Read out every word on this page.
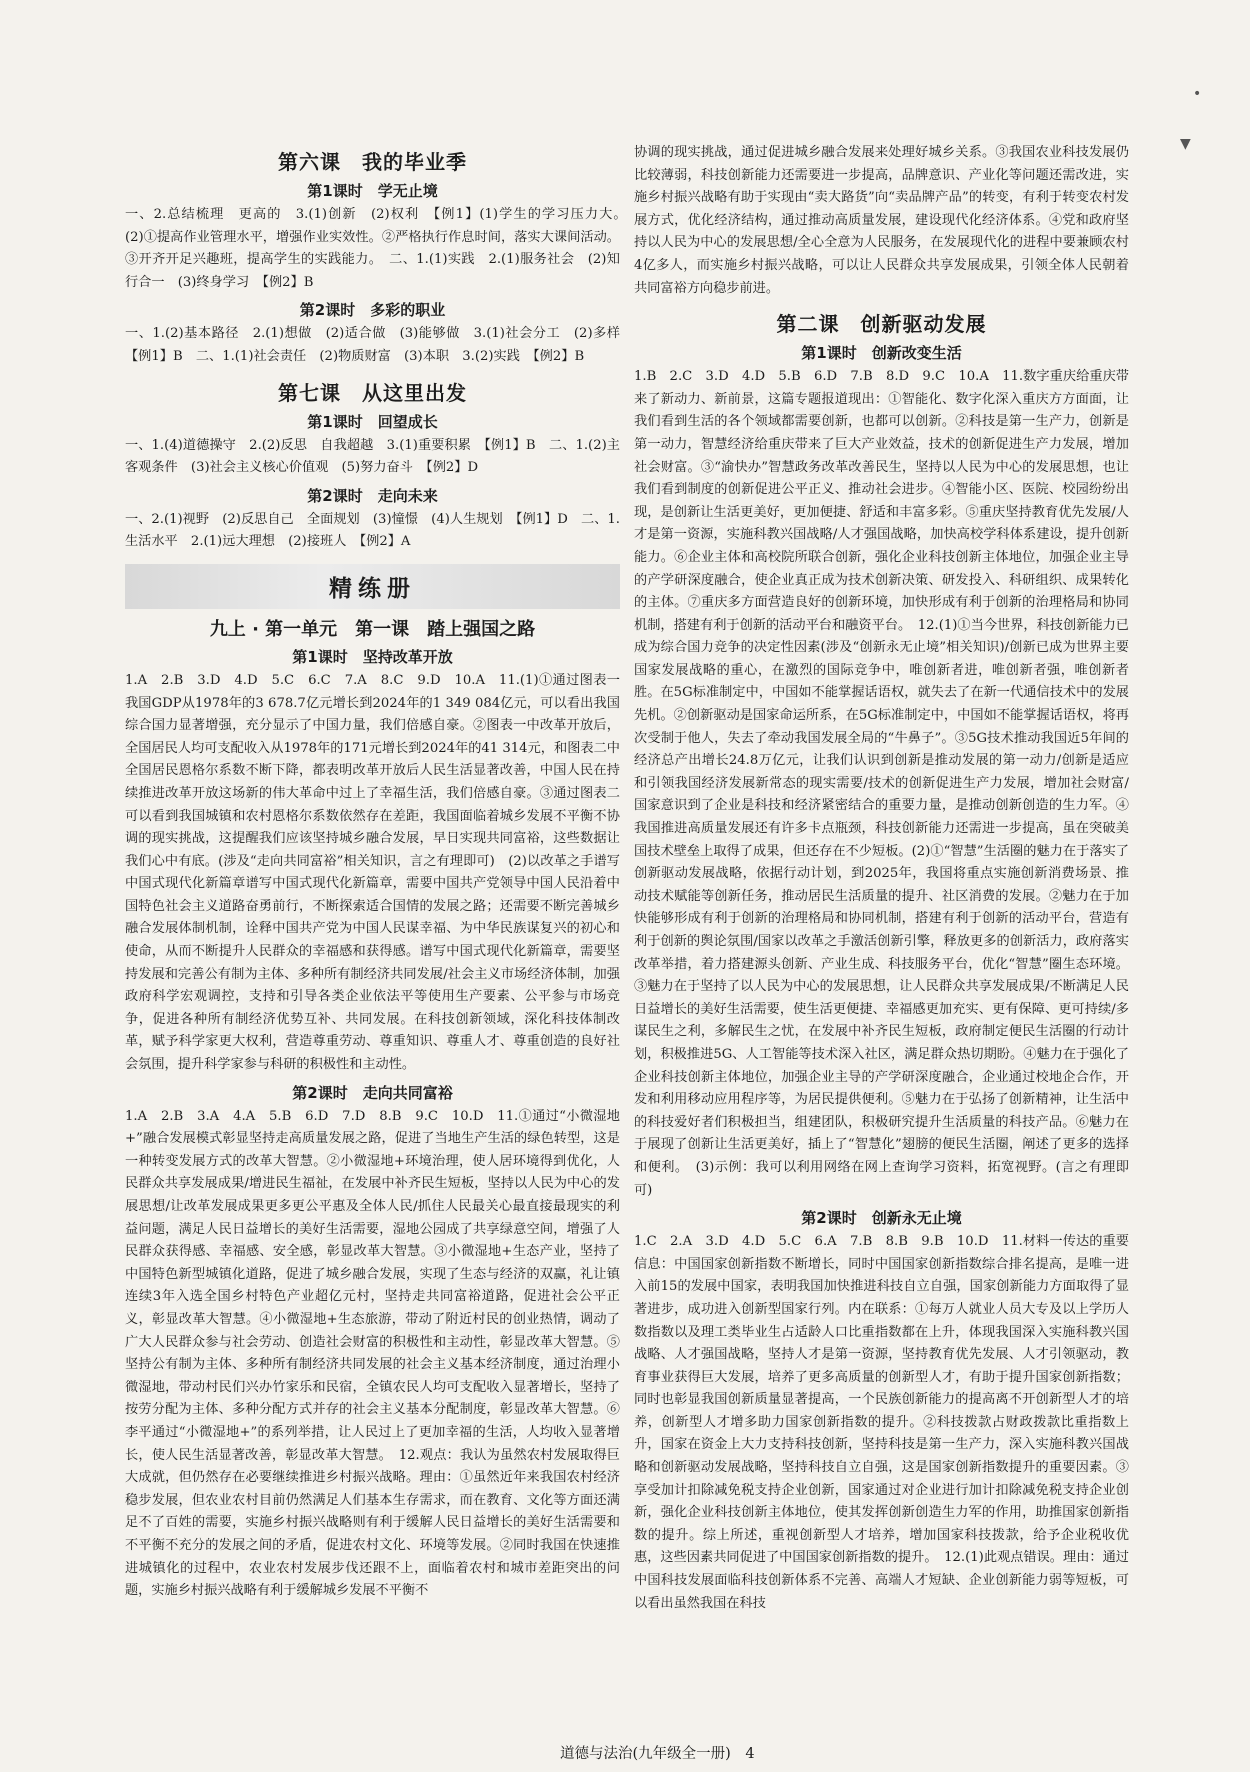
•
▼
第六课　我的毕业季
第1课时　学无止境

一、2.总结梳理　更高的　3.(1)创新　(2)权利　【例1】(1)学生的学习压力大。　(2)①提高作业管理水平，增强作业实效性。②严格执行作息时间，落实大课间活动。③开齐开足兴趣班，提高学生的实践能力。　二、1.(1)实践　2.(1)服务社会　(2)知行合一　(3)终身学习　【例2】B

第2课时　多彩的职业

一、1.(2)基本路径　2.(1)想做　(2)适合做　(3)能够做　3.(1)社会分工　(2)多样　【例1】B　二、1.(1)社会责任　(2)物质财富　(3)本职　3.(2)实践　【例2】B

第七课　从这里出发
第1课时　回望成长

一、1.(4)道德操守　2.(2)反思　自我超越　3.(1)重要积累　【例1】B　二、1.(2)主客观条件　(3)社会主义核心价值观　(5)努力奋斗　【例2】D

第2课时　走向未来

一、2.(1)视野　(2)反思自己　全面规划　(3)憧憬　(4)人生规划　【例1】D　二、1.生活水平　2.(1)远大理想　(2)接班人　【例2】A

精练册
九上 · 第一单元　第一课　踏上强国之路
第1课时　坚持改革开放

1.A　2.B　3.D　4.D　5.C　6.C　7.A　8.C　9.D　10.A　11.(1)①通过图表一我国GDP从1978年的3 678.7亿元增长到2024年的1 349 084亿元，可以看出我国综合国力显著增强，充分显示了中国力量，我们倍感自豪。②图表一中改革开放后，全国居民人均可支配收入从1978年的171元增长到2024年的41 314元，和图表二中全国居民恩格尔系数不断下降，都表明改革开放后人民生活显著改善，中国人民在持续推进改革开放这场新的伟大革命中过上了幸福生活，我们倍感自豪。③通过图表二可以看到我国城镇和农村恩格尔系数依然存在差距，我国面临着城乡发展不平衡不协调的现实挑战，这提醒我们应该坚持城乡融合发展，早日实现共同富裕，这些数据让我们心中有底。(涉及“走向共同富裕”相关知识，言之有理即可)　(2)以改革之手谱写中国式现代化新篇章谱写中国式现代化新篇章，需要中国共产党领导中国人民沿着中国特色社会主义道路奋勇前行，不断探索适合国情的发展之路；还需要不断完善城乡融合发展体制机制，诠释中国共产党为中国人民谋幸福、为中华民族谋复兴的初心和使命，从而不断提升人民群众的幸福感和获得感。谱写中国式现代化新篇章，需要坚持发展和完善公有制为主体、多种所有制经济共同发展/社会主义市场经济体制，加强政府科学宏观调控，支持和引导各类企业依法平等使用生产要素、公平参与市场竞争，促进各种所有制经济优势互补、共同发展。在科技创新领域，深化科技体制改革，赋予科学家更大权利，营造尊重劳动、尊重知识、尊重人才、尊重创造的良好社会氛围，提升科学家参与科研的积极性和主动性。

第2课时　走向共同富裕

1.A　2.B　3.A　4.A　5.B　6.D　7.D　8.B　9.C　10.D　11.①通过“小微湿地+”融合发展模式彰显坚持走高质量发展之路，促进了当地生产生活的绿色转型，这是一种转变发展方式的改革大智慧。②小微湿地+环境治理，使人居环境得到优化，人民群众共享发展成果/增进民生福祉，在发展中补齐民生短板，坚持以人民为中心的发展思想/让改革发展成果更多更公平惠及全体人民/抓住人民最关心最直接最现实的利益问题，满足人民日益增长的美好生活需要，湿地公园成了共享绿意空间，增强了人民群众获得感、幸福感、安全感，彰显改革大智慧。③小微湿地+生态产业，坚持了中国特色新型城镇化道路，促进了城乡融合发展，实现了生态与经济的双赢，礼让镇连续3年入选全国乡村特色产业超亿元村，坚持走共同富裕道路，促进社会公平正义，彰显改革大智慧。④小微湿地+生态旅游，带动了附近村民的创业热情，调动了广大人民群众参与社会劳动、创造社会财富的积极性和主动性，彰显改革大智慧。⑤坚持公有制为主体、多种所有制经济共同发展的社会主义基本经济制度，通过治理小微湿地，带动村民们兴办竹家乐和民宿，全镇农民人均可支配收入显著增长，坚持了按劳分配为主体、多种分配方式并存的社会主义基本分配制度，彰显改革大智慧。⑥李平通过“小微湿地+”的系列举措，让人民过上了更加幸福的生活，人均收入显著增长，使人民生活显著改善，彰显改革大智慧。　12.观点：我认为虽然农村发展取得巨大成就，但仍然存在必要继续推进乡村振兴战略。理由：①虽然近年来我国农村经济稳步发展，但农业农村目前仍然满足人们基本生存需求，而在教育、文化等方面还满足不了百姓的需要，实施乡村振兴战略则有利于缓解人民日益增长的美好生活需要和不平衡不充分的发展之间的矛盾，促进农村文化、环境等发展。②同时我国在快速推进城镇化的过程中，农业农村发展步伐还跟不上，面临着农村和城市差距突出的问题，实施乡村振兴战略有利于缓解城乡发展不平衡不

协调的现实挑战，通过促进城乡融合发展来处理好城乡关系。③我国农业科技发展仍比较薄弱，科技创新能力还需要进一步提高，品牌意识、产业化等问题还需改进，实施乡村振兴战略有助于实现由“卖大路货”向“卖品牌产品”的转变，有利于转变农村发展方式，优化经济结构，通过推动高质量发展，建设现代化经济体系。④党和政府坚持以人民为中心的发展思想/全心全意为人民服务，在发展现代化的进程中要兼顾农村4亿多人，而实施乡村振兴战略，可以让人民群众共享发展成果，引领全体人民朝着共同富裕方向稳步前进。

第二课　创新驱动发展
第1课时　创新改变生活

1.B　2.C　3.D　4.D　5.B　6.D　7.B　8.D　9.C　10.A　11.数字重庆给重庆带来了新动力、新前景，这篇专题报道现出：①智能化、数字化深入重庆方方面面，让我们看到生活的各个领域都需要创新，也都可以创新。②科技是第一生产力，创新是第一动力，智慧经济给重庆带来了巨大产业效益，技术的创新促进生产力发展，增加社会财富。③“渝快办”智慧政务改革改善民生，坚持以人民为中心的发展思想，也让我们看到制度的创新促进公平正义、推动社会进步。④智能小区、医院、校园纷纷出现，是创新让生活更美好，更加便捷、舒适和丰富多彩。⑤重庆坚持教育优先发展/人才是第一资源，实施科教兴国战略/人才强国战略，加快高校学科体系建设，提升创新能力。⑥企业主体和高校院所联合创新，强化企业科技创新主体地位，加强企业主导的产学研深度融合，使企业真正成为技术创新决策、研发投入、科研组织、成果转化的主体。⑦重庆多方面营造良好的创新环境，加快形成有利于创新的治理格局和协同机制，搭建有利于创新的活动平台和融资平台。　12.(1)①当今世界，科技创新能力已成为综合国力竞争的决定性因素(涉及“创新永无止境”相关知识)/创新已成为世界主要国家发展战略的重心，在激烈的国际竞争中，唯创新者进，唯创新者强，唯创新者胜。在5G标准制定中，中国如不能掌握话语权，就失去了在新一代通信技术中的发展先机。②创新驱动是国家命运所系，在5G标准制定中，中国如不能掌握话语权，将再次受制于他人，失去了牵动我国发展全局的“牛鼻子”。③5G技术推动我国近5年间的经济总产出增长24.8万亿元，让我们认识到创新是推动发展的第一动力/创新是适应和引领我国经济发展新常态的现实需要/技术的创新促进生产力发展，增加社会财富/国家意识到了企业是科技和经济紧密结合的重要力量，是推动创新创造的生力军。④我国推进高质量发展还有许多卡点瓶颈，科技创新能力还需进一步提高，虽在突破美国技术壁垒上取得了成果，但还存在不少短板。(2)①“智慧”生活圈的魅力在于落实了创新驱动发展战略，依据行动计划，到2025年，我国将重点实施创新消费场景、推动技术赋能等创新任务，推动居民生活质量的提升、社区消费的发展。②魅力在于加快能够形成有利于创新的治理格局和协同机制，搭建有利于创新的活动平台，营造有利于创新的舆论氛围/国家以改革之手激活创新引擎，释放更多的创新活力，政府落实改革举措，着力搭建源头创新、产业生成、科技服务平台，优化“智慧”圈生态环境。③魅力在于坚持了以人民为中心的发展思想，让人民群众共享发展成果/不断满足人民日益增长的美好生活需要，使生活更便捷、幸福感更加充实、更有保障、更可持续/多谋民生之利，多解民生之忧，在发展中补齐民生短板，政府制定便民生活圈的行动计划，积极推进5G、人工智能等技术深入社区，满足群众热切期盼。④魅力在于强化了企业科技创新主体地位，加强企业主导的产学研深度融合，企业通过校地企合作，开发和利用移动应用程序等，为居民提供便利。⑤魅力在于弘扬了创新精神，让生活中的科技爱好者们积极担当，组建团队，积极研究提升生活质量的科技产品。⑥魅力在于展现了创新让生活更美好，插上了“智慧化”翅膀的便民生活圈，阐述了更多的选择和便利。　(3)示例：我可以利用网络在网上查询学习资料，拓宽视野。(言之有理即可)

第2课时　创新永无止境

1.C　2.A　3.D　4.D　5.C　6.A　7.B　8.B　9.B　10.D　11.材料一传达的重要信息：中国国家创新指数不断增长，同时中国国家创新指数综合排名提高，是唯一进入前15的发展中国家，表明我国加快推进科技自立自强，国家创新能力方面取得了显著进步，成功进入创新型国家行列。内在联系：①每万人就业人员大专及以上学历人数指数以及理工类毕业生占适龄人口比重指数都在上升，体现我国深入实施科教兴国战略、人才强国战略，坚持人才是第一资源，坚持教育优先发展、人才引领驱动，教育事业获得巨大发展，培养了更多高质量的创新型人才，有助于提升国家创新指数；同时也彰显我国创新质量显著提高，一个民族创新能力的提高离不开创新型人才的培养，创新型人才增多助力国家创新指数的提升。②科技拨款占财政拨款比重指数上升，国家在资金上大力支持科技创新，坚持科技是第一生产力，深入实施科教兴国战略和创新驱动发展战略，坚持科技自立自强，这是国家创新指数提升的重要因素。③享受加计扣除减免税支持企业创新，国家通过对企业进行加计扣除减免税支持企业创新，强化企业科技创新主体地位，使其发挥创新创造生力军的作用，助推国家创新指数的提升。综上所述，重视创新型人才培养，增加国家科技拨款，给予企业税收优惠，这些因素共同促进了中国国家创新指数的提升。　12.(1)此观点错误。理由：通过中国科技发展面临科技创新体系不完善、高端人才短缺、企业创新能力弱等短板，可以看出虽然我国在科技

道德与法治(九年级全一册)　4
